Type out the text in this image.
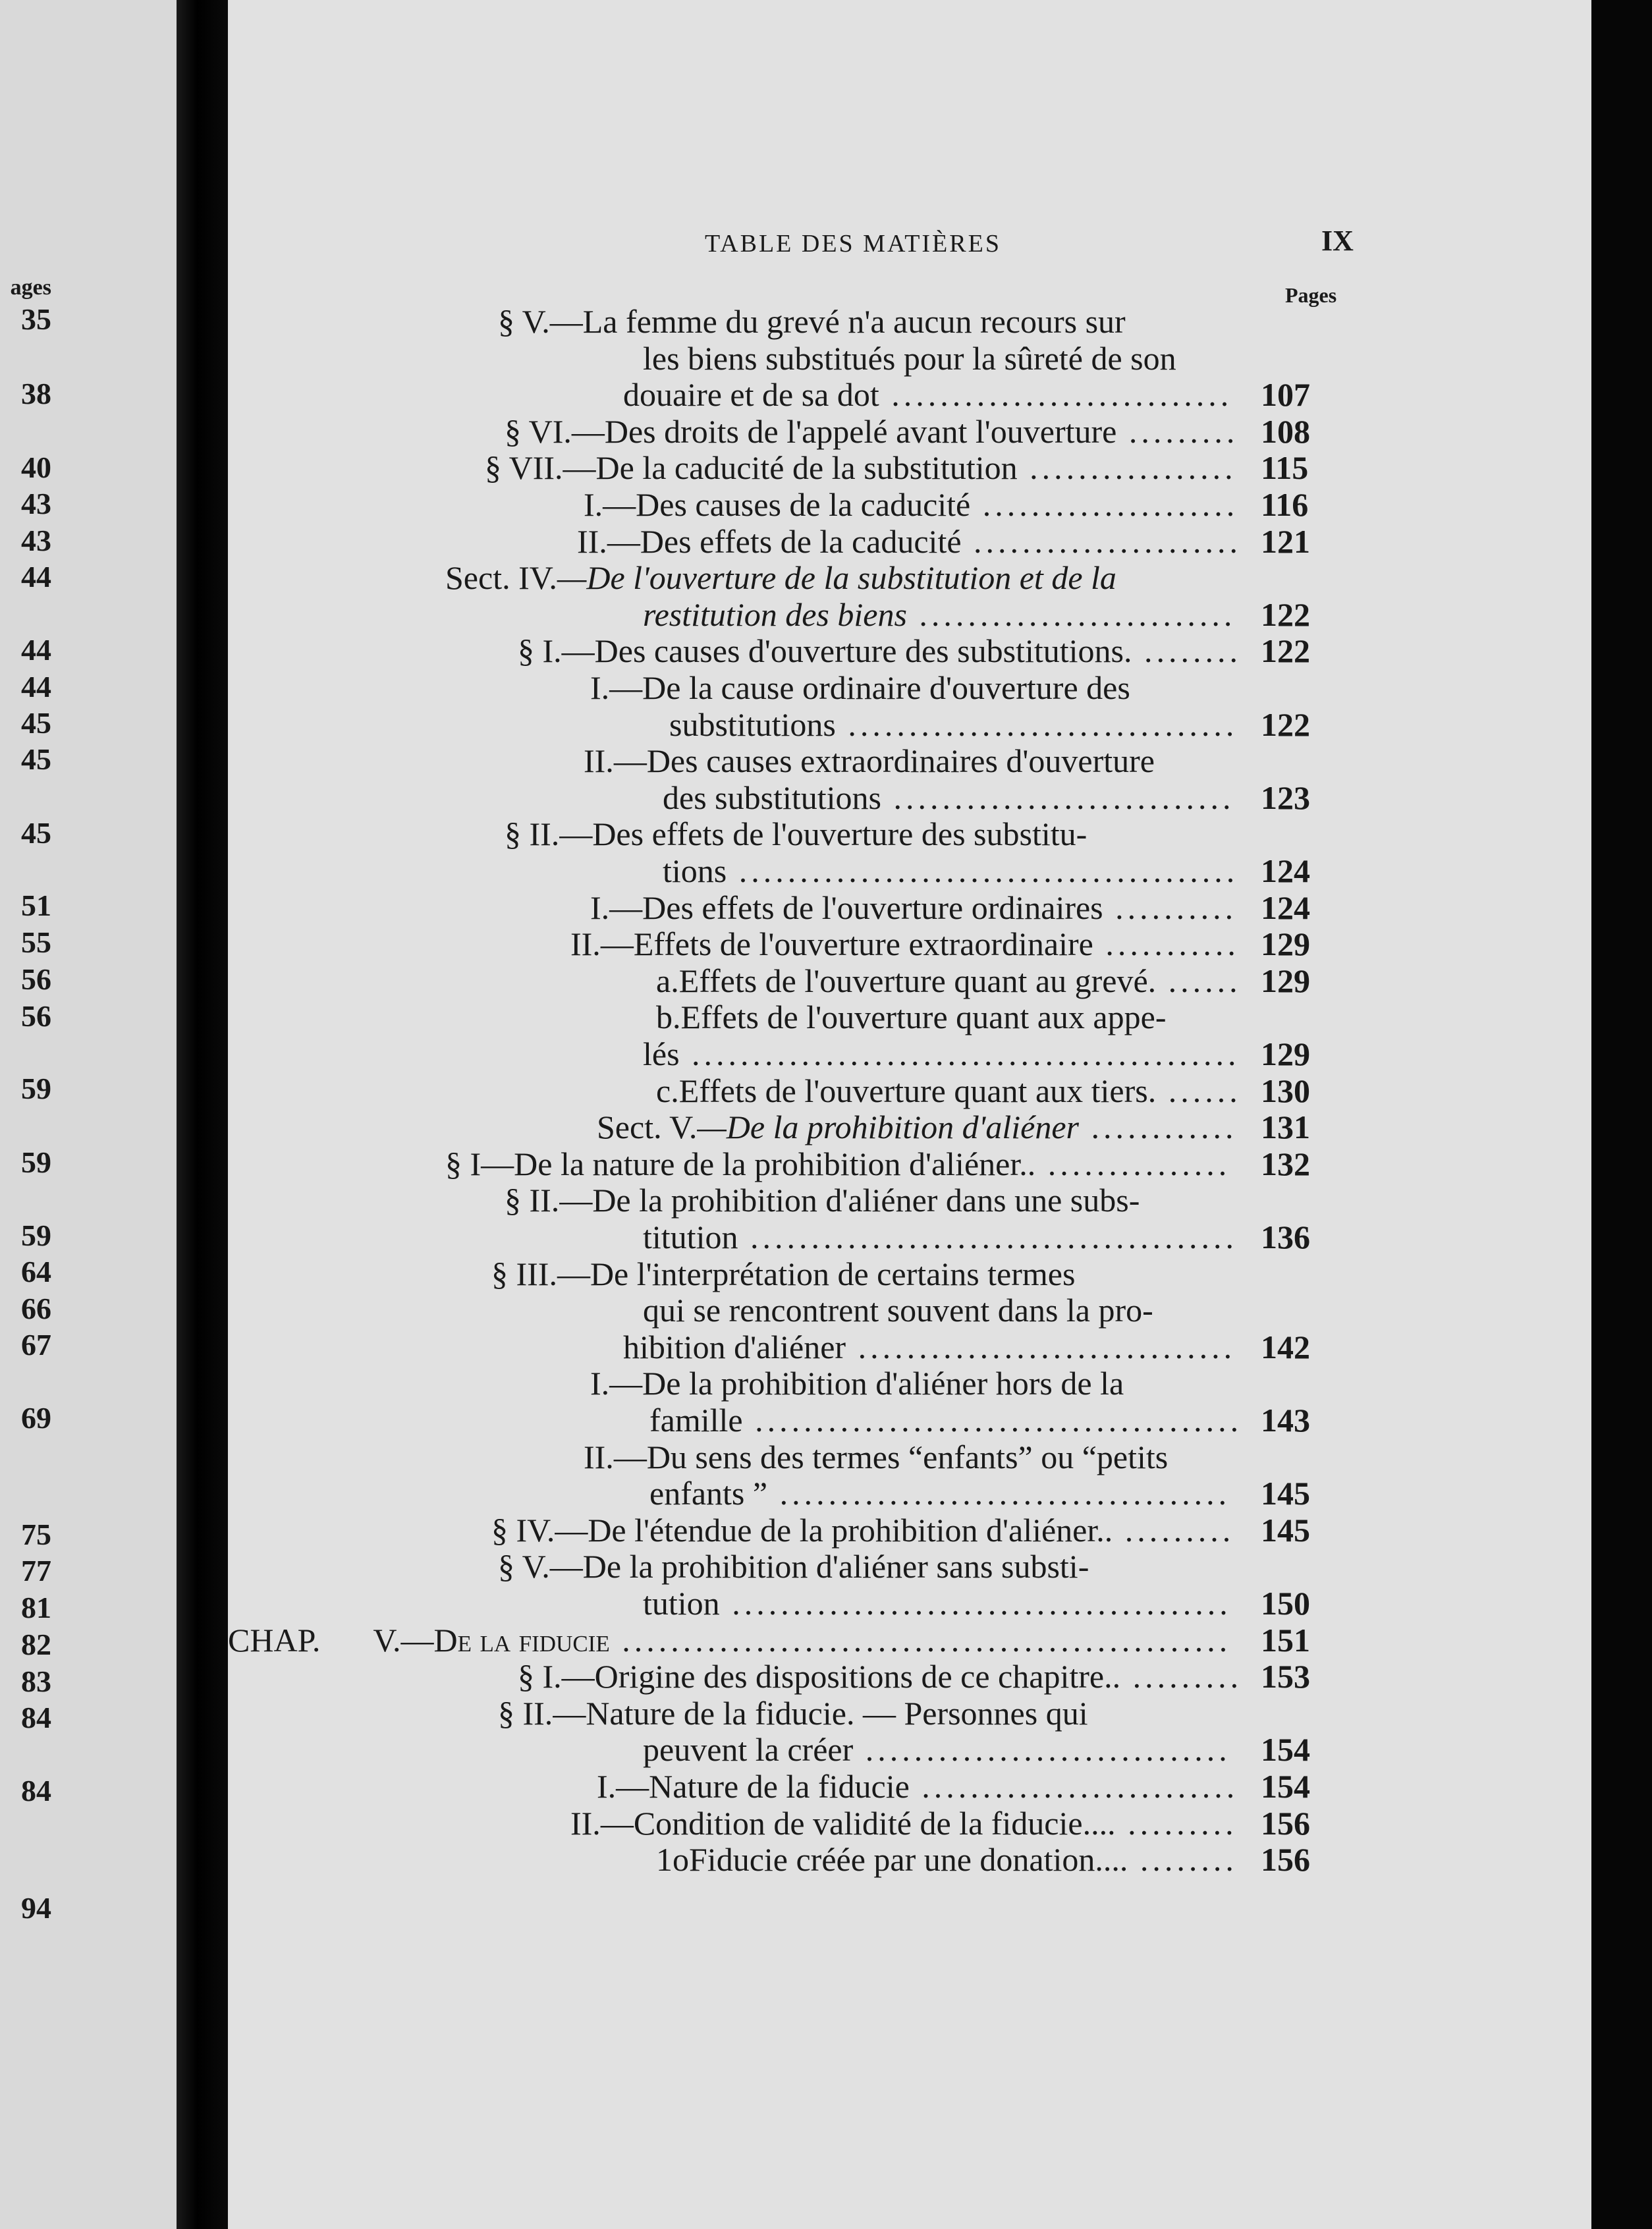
ages
35
38
40
43
43
44
44
44
45
45
45
51
55
56
56
59
59
59
64
66
67
69
75
77
81
82
83
84
84
94
TABLE DES MATIÈRES	IX
Pages
§ V.—La femme du grevé n'a aucun recours sur
les biens substitués pour la sûreté de son
douaire et de sa dot ............................ 107
§ VI.—Des droits de l'appelé avant l'ouverture ......... 108
§ VII.—De la caducité de la substitution ................. 115
I.—Des causes de la caducité ..................... 116
II.—Des effets de la caducité ...................... 121
Sect. IV.—De l'ouverture de la substitution et de la
restitution des biens .......................... 122
§ I.—Des causes d'ouverture des substitutions. ........ 122
I.—De la cause ordinaire d'ouverture des
substitutions ................................ 122
II.—Des causes extraordinaires d'ouverture
des substitutions ............................ 123
§ II.—Des effets de l'ouverture des substitu-
tions ......................................... 124
I.—Des effets de l'ouverture ordinaires .......... 124
II.—Effets de l'ouverture extraordinaire ........... 129
a.Effets de l'ouverture quant au grevé. ...... 129
b.Effets de l'ouverture quant aux appe-
lés ............................................. 129
c.Effets de l'ouverture quant aux tiers. ...... 130
Sect. V.—De la prohibition d'aliéner ............ 131
§ I—De la nature de la prohibition d'aliéner.. ............... 132
§ II.—De la prohibition d'aliéner dans une subs-
titution ........................................ 136
§ III.—De l'interprétation de certains termes
qui se rencontrent souvent dans la pro-
hibition d'aliéner ............................... 142
I.—De la prohibition d'aliéner hors de la
famille ........................................ 143
II.—Du sens des termes “enfants” ou “petits
enfants ” ..................................... 145
§ IV.—De l'étendue de la prohibition d'aliéner.. ......... 145
§ V.—De la prohibition d'aliéner sans substi-
tution ......................................... 150
CHAP. V.—De la fiducie .................................................. 151
§ I.—Origine des dispositions de ce chapitre.. ......... 153
§ II.—Nature de la fiducie. — Personnes qui
peuvent la créer .............................. 154
I.—Nature de la fiducie .......................... 154
II.—Condition de validité de la fiducie.... ......... 156
1oFiducie créée par une donation.... ........ 156
